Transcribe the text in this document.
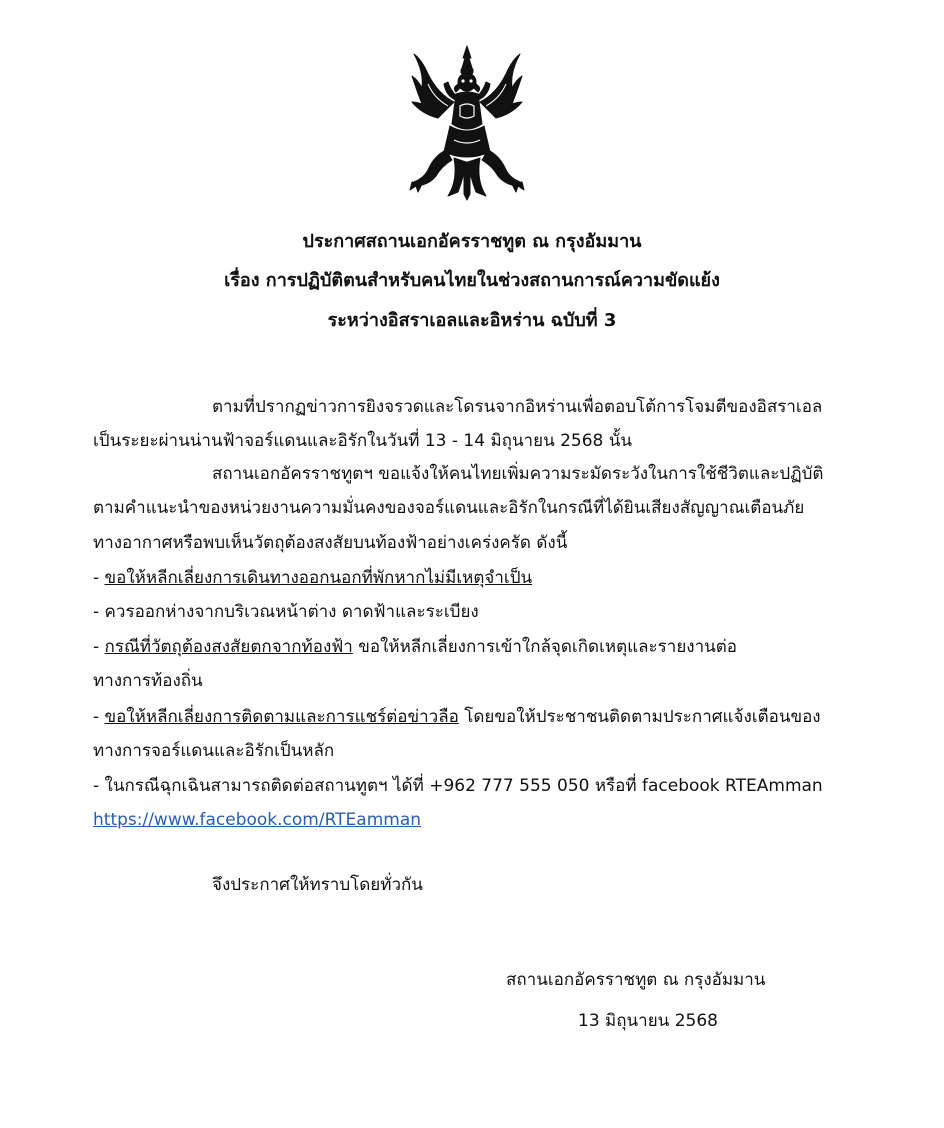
ประกาศสถานเอกอัครราชทูต ณ กรุงอัมมาน
เรื่อง การปฏิบัติตนสำหรับคนไทยในช่วงสถานการณ์ความขัดแย้ง
ระหว่างอิสราเอลและอิหร่าน ฉบับที่ 3
ตามที่ปรากฏข่าวการยิงจรวดและโดรนจากอิหร่านเพื่อตอบโต้การโจมตีของอิสราเอล
เป็นระยะผ่านน่านฟ้าจอร์แดนและอิรักในวันที่ 13 - 14 มิถุนายน 2568 นั้น
สถานเอกอัครราชทูตฯ ขอแจ้งให้คนไทยเพิ่มความระมัดระวังในการใช้ชีวิตและปฏิบัติ
ตามคำแนะนำของหน่วยงานความมั่นคงของจอร์แดนและอิรักในกรณีที่ได้ยินเสียงสัญญาณเตือนภัย
ทางอากาศหรือพบเห็นวัตถุต้องสงสัยบนท้องฟ้าอย่างเคร่งครัด ดังนี้
- ขอให้หลีกเลี่ยงการเดินทางออกนอกที่พักหากไม่มีเหตุจำเป็น
- ควรออกห่างจากบริเวณหน้าต่าง ดาดฟ้าและระเบียง
- กรณีที่วัตถุต้องสงสัยตกจากท้องฟ้า ขอให้หลีกเลี่ยงการเข้าใกล้จุดเกิดเหตุและรายงานต่อ
ทางการท้องถิ่น
- ขอให้หลีกเลี่ยงการติดตามและการแชร์ต่อข่าวลือ โดยขอให้ประชาชนติดตามประกาศแจ้งเตือนของ
ทางการจอร์แดนและอิรักเป็นหลัก
- ในกรณีฉุกเฉินสามารถติดต่อสถานทูตฯ ได้ที่ +962 777 555 050 หรือที่ facebook RTEAmman
https://www.facebook.com/RTEamman
จึงประกาศให้ทราบโดยทั่วกัน
สถานเอกอัครราชทูต ณ กรุงอัมมาน
13 มิถุนายน 2568
